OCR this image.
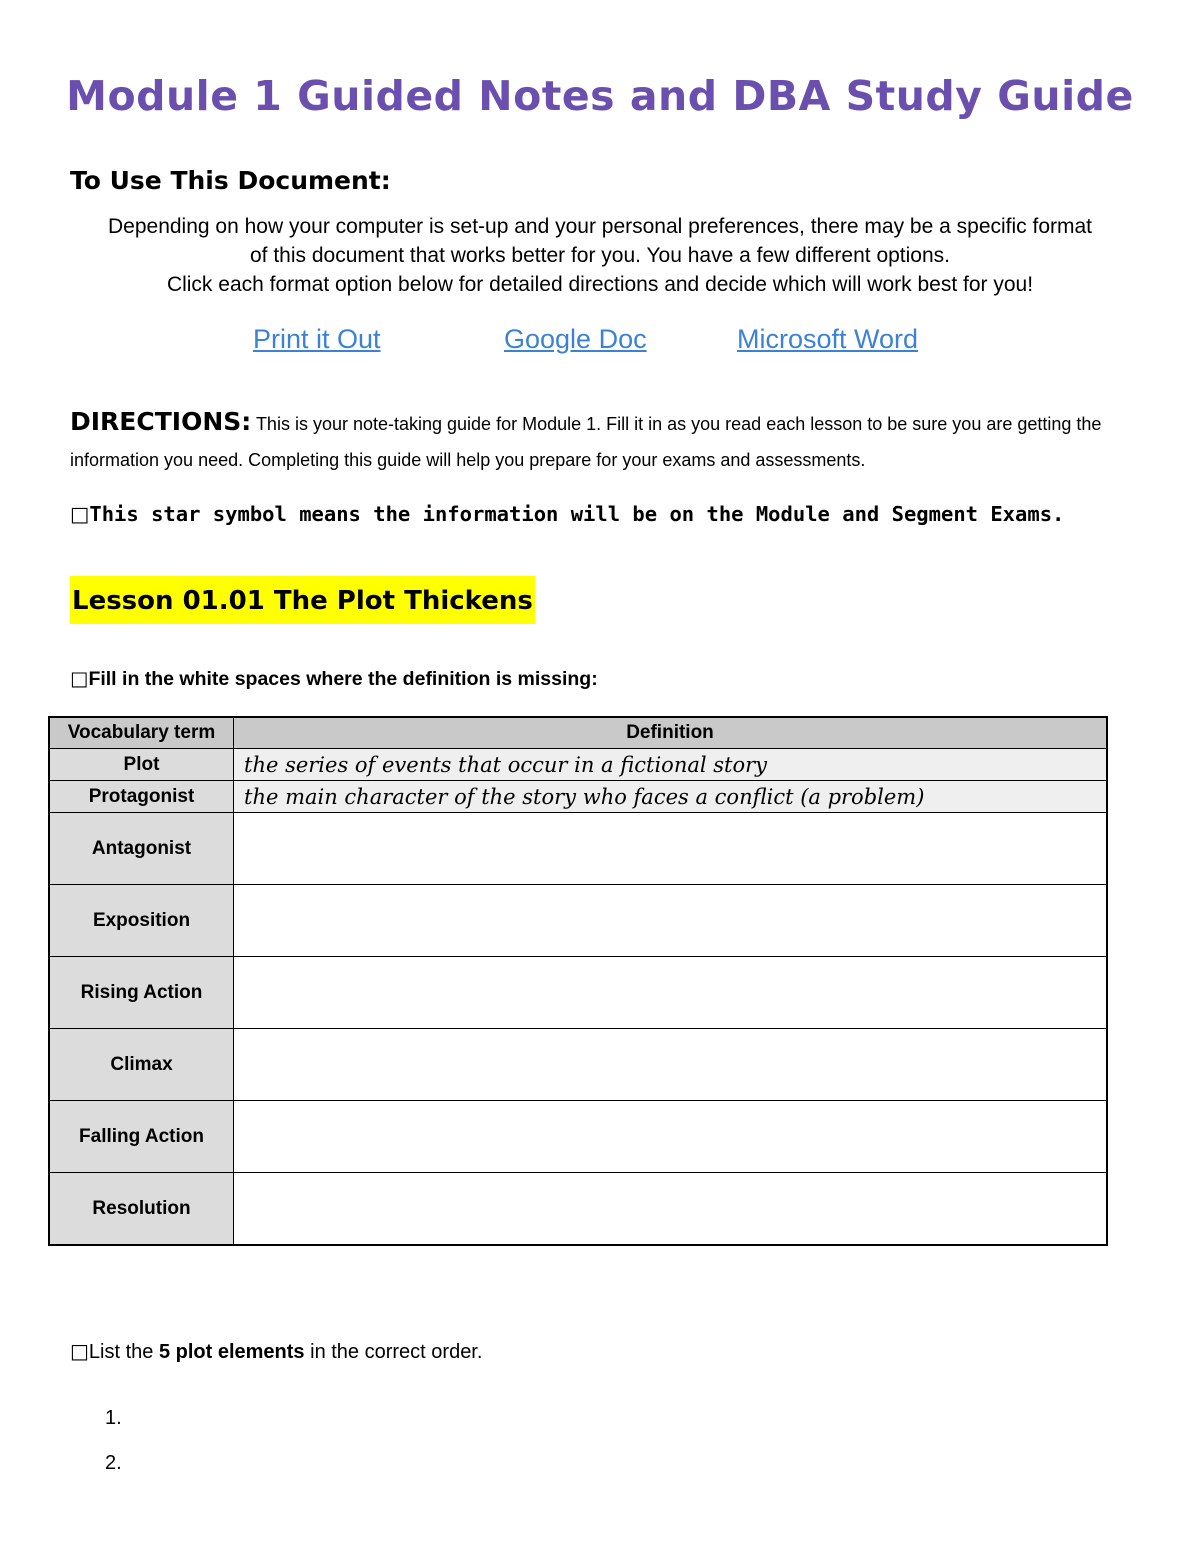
Module 1 Guided Notes and DBA Study Guide
To Use This Document:
Depending on how your computer is set-up and your personal preferences, there may be a specific format
of this document that works better for you. You have a few different options.
Click each format option below for detailed directions and decide which will work best for you!
Print it Out	Google Doc	Microsoft Word
DIRECTIONS: This is your note-taking guide for Module 1. Fill it in as you read each lesson to be sure you are getting the information you need. Completing this guide will help you prepare for your exams and assessments.
□This star symbol means the information will be on the Module and Segment Exams.
Lesson 01.01 The Plot Thickens
□Fill in the white spaces where the definition is missing:
Vocabulary term	Definition
Plot	the series of events that occur in a fictional story
Protagonist	the main character of the story who faces a conflict (a problem)
Antagonist	
Exposition	
Rising Action	
Climax	
Falling Action	
Resolution	
□List the 5 plot elements in the correct order.
1.
2.
